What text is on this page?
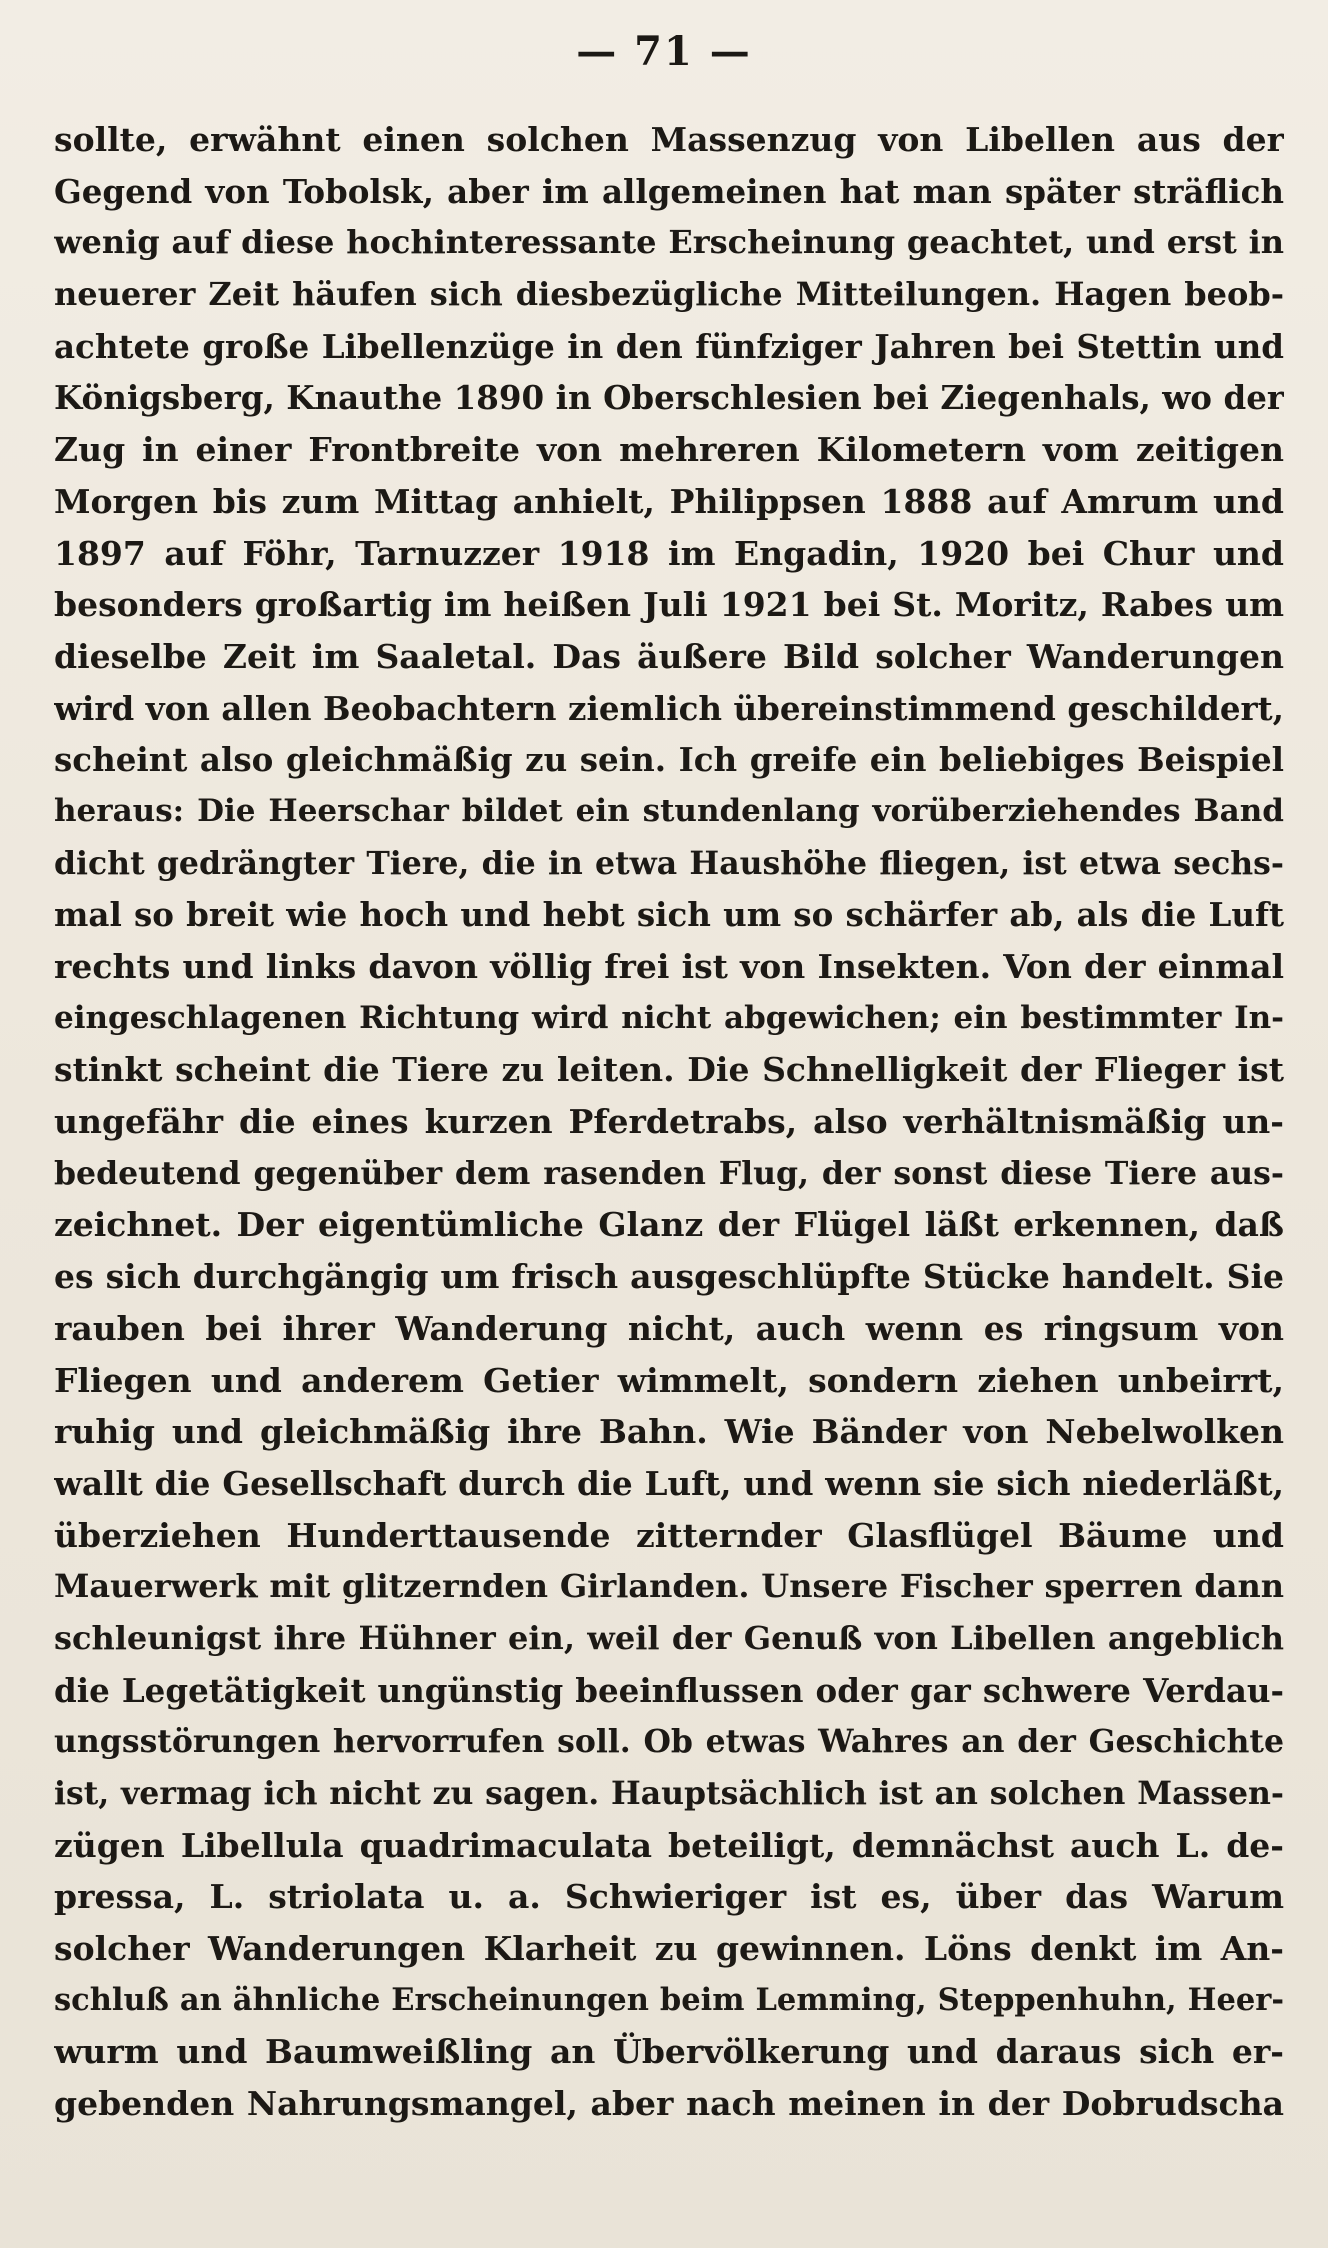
— 71 —
sollte, erwähnt einen solchen Massenzug von Libellen aus der
Gegend von Tobolsk, aber im allgemeinen hat man später sträflich
wenig auf diese hochinteressante Erscheinung geachtet, und erst in
neuerer Zeit häufen sich diesbezügliche Mitteilungen. Hagen beob-
achtete große Libellenzüge in den fünfziger Jahren bei Stettin und
Königsberg, Knauthe 1890 in Oberschlesien bei Ziegenhals, wo der
Zug in einer Frontbreite von mehreren Kilometern vom zeitigen
Morgen bis zum Mittag anhielt, Philippsen 1888 auf Amrum und
1897 auf Föhr, Tarnuzzer 1918 im Engadin, 1920 bei Chur und
besonders großartig im heißen Juli 1921 bei St. Moritz, Rabes um
dieselbe Zeit im Saaletal. Das äußere Bild solcher Wanderungen
wird von allen Beobachtern ziemlich übereinstimmend geschildert,
scheint also gleichmäßig zu sein. Ich greife ein beliebiges Beispiel
heraus: Die Heerschar bildet ein stundenlang vorüberziehendes Band
dicht gedrängter Tiere, die in etwa Haushöhe fliegen, ist etwa sechs-
mal so breit wie hoch und hebt sich um so schärfer ab, als die Luft
rechts und links davon völlig frei ist von Insekten. Von der einmal
eingeschlagenen Richtung wird nicht abgewichen; ein bestimmter In-
stinkt scheint die Tiere zu leiten. Die Schnelligkeit der Flieger ist
ungefähr die eines kurzen Pferdetrabs, also verhältnismäßig un-
bedeutend gegenüber dem rasenden Flug, der sonst diese Tiere aus-
zeichnet. Der eigentümliche Glanz der Flügel läßt erkennen, daß
es sich durchgängig um frisch ausgeschlüpfte Stücke handelt. Sie
rauben bei ihrer Wanderung nicht, auch wenn es ringsum von
Fliegen und anderem Getier wimmelt, sondern ziehen unbeirrt,
ruhig und gleichmäßig ihre Bahn. Wie Bänder von Nebelwolken
wallt die Gesellschaft durch die Luft, und wenn sie sich niederläßt,
überziehen Hunderttausende zitternder Glasflügel Bäume und
Mauerwerk mit glitzernden Girlanden. Unsere Fischer sperren dann
schleunigst ihre Hühner ein, weil der Genuß von Libellen angeblich
die Legetätigkeit ungünstig beeinflussen oder gar schwere Verdau-
ungsstörungen hervorrufen soll. Ob etwas Wahres an der Geschichte
ist, vermag ich nicht zu sagen. Hauptsächlich ist an solchen Massen-
zügen Libellula quadrimaculata beteiligt, demnächst auch L. de-
pressa, L. striolata u. a. Schwieriger ist es, über das Warum
solcher Wanderungen Klarheit zu gewinnen. Löns denkt im An-
schluß an ähnliche Erscheinungen beim Lemming, Steppenhuhn, Heer-
wurm und Baumweißling an Übervölkerung und daraus sich er-
gebenden Nahrungsmangel, aber nach meinen in der Dobrudscha
